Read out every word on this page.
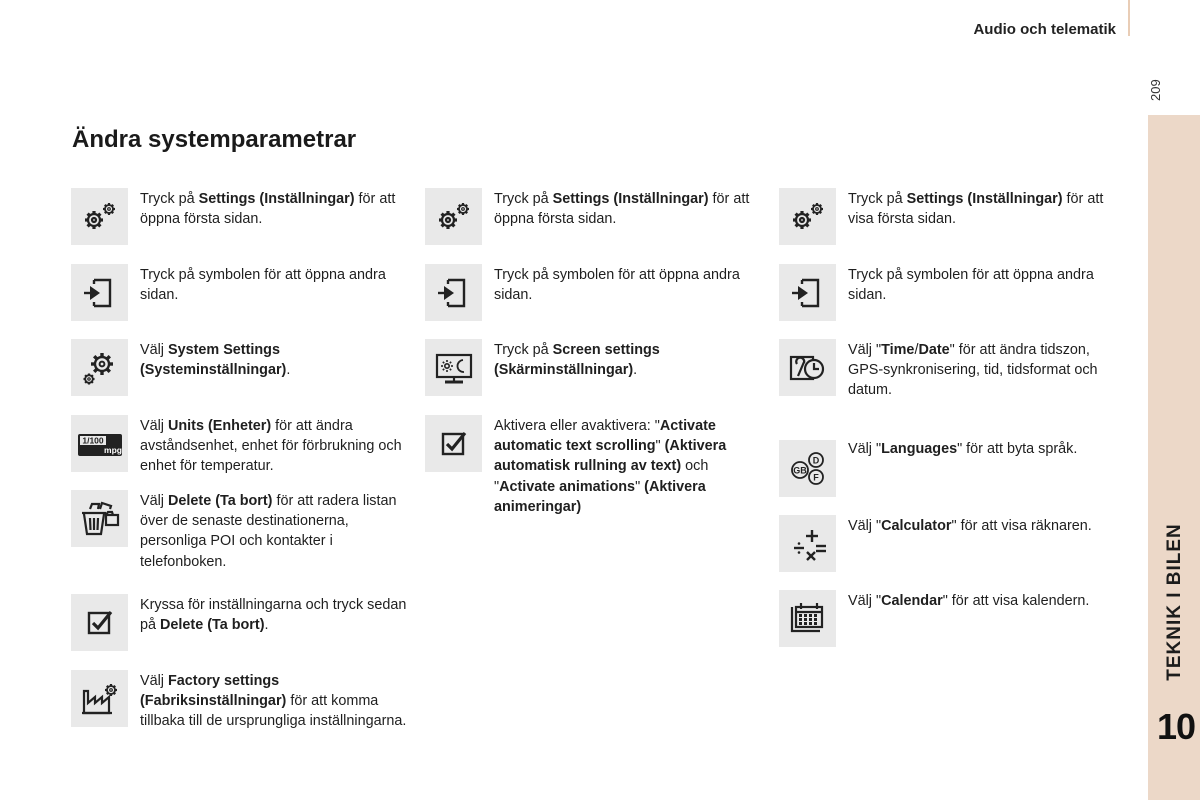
Audio och telematik
209
TEKNIK I BILEN
10
Ändra systemparametrar
Tryck på Settings (Inställningar) för att öppna första sidan.
Tryck på symbolen för att öppna andra sidan.
Välj System Settings (Systeminställningar).
1/100
mpg
Välj Units (Enheter) för att ändra avståndsenhet, enhet för förbrukning och enhet för temperatur.
Välj Delete (Ta bort) för att radera listan över de senaste destinationerna, personliga POI och kontakter i telefonboken.
Kryssa för inställningarna och tryck sedan på Delete (Ta bort).
Välj Factory settings (Fabriksinställningar) för att komma tillbaka till de ursprungliga inställningarna.
Tryck på Settings (Inställningar) för att öppna första sidan.
Tryck på symbolen för att öppna andra sidan.
Tryck på Screen settings (Skärminställningar).
Aktivera eller avaktivera: "Activate automatic text scrolling" (Aktivera automatisk rullning av text) och "Activate animations" (Aktivera animeringar)
Tryck på Settings (Inställningar) för att visa första sidan.
Tryck på symbolen för att öppna andra sidan.
Välj "Time/Date" för att ändra tidszon, GPS-synkronisering, tid, tidsformat och datum.
D
GB
F
Välj "Languages" för att byta språk.
Välj "Calculator" för att visa räknaren.
Välj "Calendar" för att visa kalendern.
